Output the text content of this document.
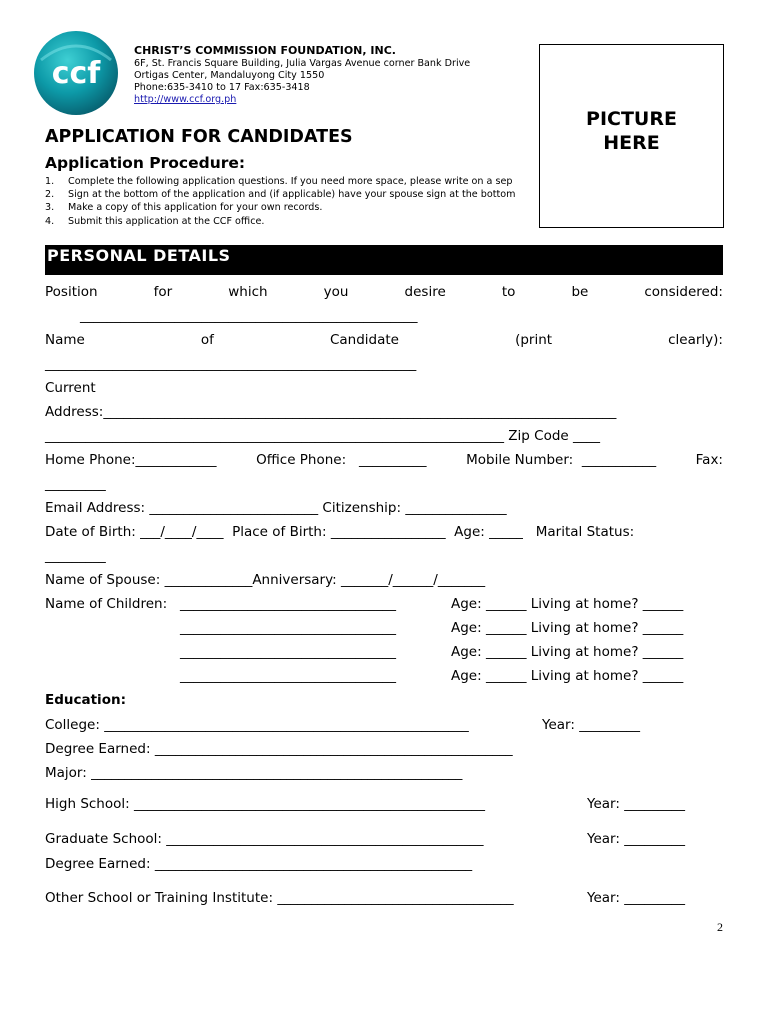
ccf
CHRIST’S COMMISSION FOUNDATION, INC.
6F, St. Francis Square Building, Julia Vargas Avenue corner Bank Drive
Ortigas Center, Mandaluyong City 1550
Phone:635-3410 to 17 Fax:635-3418
http://www.ccf.org.ph
PICTURE
HERE
APPLICATION FOR CANDIDATES
Application Procedure:
1.	Complete the following application questions. If you need more space, please write on a sep
2.	Sign at the bottom of the application and (if applicable) have your spouse sign at the bottom
3.	Make a copy of this application for your own records.
4.	Submit this application at the CCF office.
PERSONAL DETAILS
Position	for	which	you	desire	to	be	considered:
__________________________________________________
Name	of	Candidate	(print	clearly):
_______________________________________________________
Current
Address:____________________________________________________________________________
____________________________________________________________________ Zip Code ____
Home Phone:____________	Office Phone: __________	Mobile Number: ___________	Fax:
_________
Email Address: _________________________ Citizenship: _______________
Date of Birth: ___/____/____ Place of Birth: _________________ Age: _____ Marital Status:
_________
Name of Spouse: _____________Anniversary: _______/______/_______
Name of Children: ________________________________	Age: ______ Living at home? ______
________________________________	Age: ______ Living at home? ______
________________________________	Age: ______ Living at home? ______
________________________________	Age: ______ Living at home? ______
Education:
College: ______________________________________________________	Year: _________
Degree Earned: _____________________________________________________
Major: _______________________________________________________
High School: ____________________________________________________	Year: _________
Graduate School: _______________________________________________	Year: _________
Degree Earned: _______________________________________________
Other School or Training Institute: ___________________________________	Year: _________
2
